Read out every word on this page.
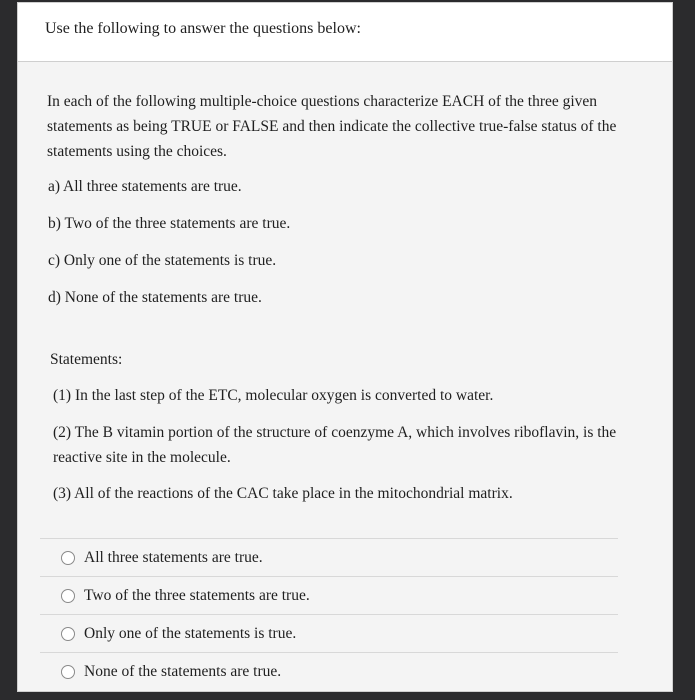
Use the following to answer the questions below:
In each of the following multiple-choice questions characterize EACH of the three given statements as being TRUE or FALSE and then indicate the collective true-false status of the statements using the choices.
a) All three statements are true.
b) Two of the three statements are true.
c) Only one of the statements is true.
d) None of the statements are true.
Statements:
(1) In the last step of the ETC, molecular oxygen is converted to water.
(2) The B vitamin portion of the structure of coenzyme A, which involves riboflavin, is the reactive site in the molecule.
(3) All of the reactions of the CAC take place in the mitochondrial matrix.
All three statements are true.
Two of the three statements are true.
Only one of the statements is true.
None of the statements are true.
